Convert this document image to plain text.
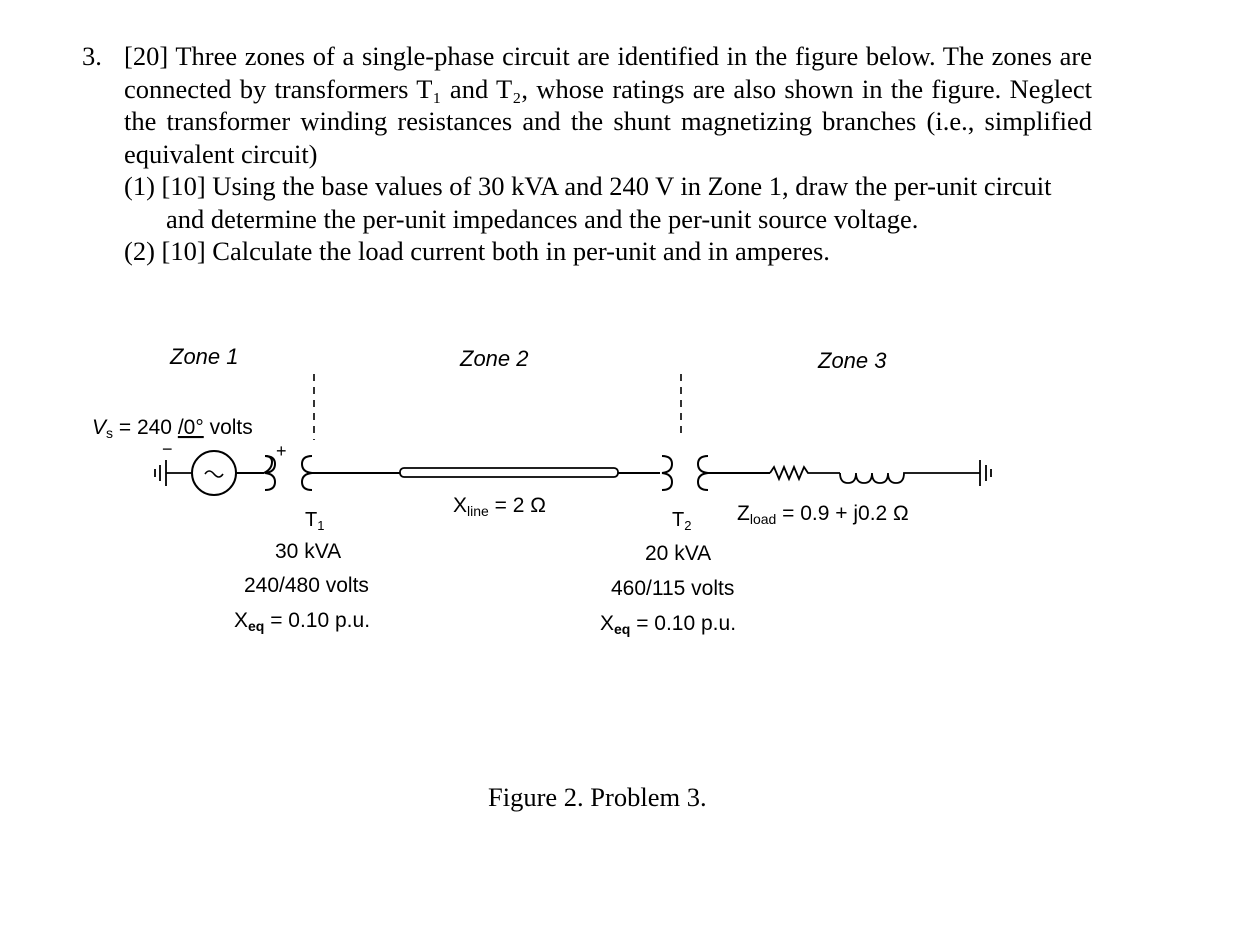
3. [20] Three zones of a single-phase circuit are identified in the figure below. The zones are connected by transformers T₁ and T₂, whose ratings are also shown in the figure. Neglect the transformer winding resistances and the shunt magnetizing branches (i.e., simplified equivalent circuit)
(1) [10] Using the base values of 30 kVA and 240 V in Zone 1, draw the per-unit circuit and determine the per-unit impedances and the per-unit source voltage.
(2) [10] Calculate the load current both in per-unit and in amperes.
Zone 1	Zone 2	Zone 3
Vs = 240 /0° volts
−	+
$T_1$
30 kVA
240/480 volts
Xeq = 0.10 p.u.
Xline = 2 Ω
$T_2$
20 kVA
460/115 volts
Xeq = 0.10 p.u.
Zload = 0.9 + j0.2 Ω
Figure 2. Problem 3.
